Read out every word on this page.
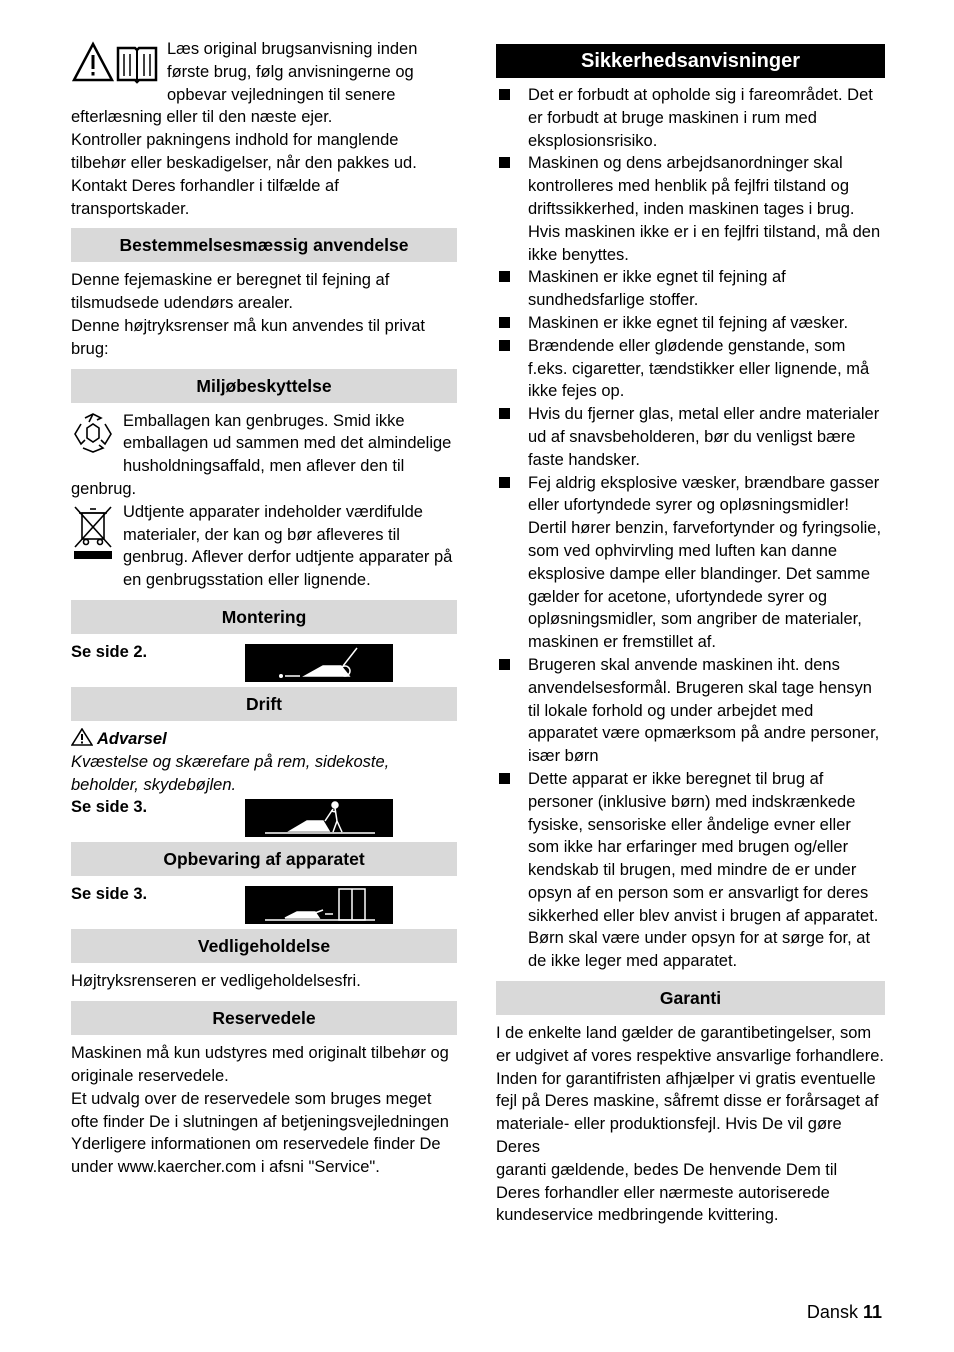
Læs original brugsanvisning inden første brug, følg anvisningerne og opbevar vejledningen til senere efterlæsning eller til den næste ejer.

Kontroller pakningens indhold for manglende tilbehør eller beskadigelser, når den pakkes ud. Kontakt Deres forhandler i tilfælde af transportskader.

Bestemmelsesmæssig anvendelse

Denne fejemaskine er beregnet til fejning af tilsmudsede udendørs arealer.

Denne højtryksrenser må kun anvendes til privat brug:

Miljøbeskyttelse

Emballagen kan genbruges. Smid ikke emballagen ud sammen med det almindelige husholdningsaffald, men aflever den til genbrug.

Udtjente apparater indeholder værdifulde materialer, der kan og bør afleveres til genbrug. Aflever derfor udtjente apparater på en genbrugsstation eller lignende.

Montering
Se side 2.
Drift
Advarsel

Kvæstelse og skærefare på rem, sidekoste, beholder, skydebøjlen.

Se side 3.
Opbevaring af apparatet
Se side 3.
Vedligeholdelse

Højtryksrenseren er vedligeholdelsesfri.

Reservedele

Maskinen må kun udstyres med originalt tilbehør og originale reservedele.

Et udvalg over de reservedele som bruges meget ofte finder De i slutningen af betjeningsvejledningen

Yderligere informationen om reservedele finder De under www.kaercher.com i afsni "Service".

Sikkerhedsanvisninger
Det er forbudt at opholde sig i fareområdet. Det er forbudt at bruge maskinen i rum med eksplosionsrisiko.
Maskinen og dens arbejdsanordninger skal kontrolleres med henblik på fejlfri tilstand og driftssikkerhed, inden maskinen tages i brug. Hvis maskinen ikke er i en fejlfri tilstand, må den ikke benyttes.
Maskinen er ikke egnet til fejning af sundhedsfarlige stoffer.
Maskinen er ikke egnet til fejning af væsker.
Brændende eller glødende genstande, som f.eks. cigaretter, tændstikker eller lignende, må ikke fejes op.
Hvis du fjerner glas, metal eller andre materialer ud af snavsbeholderen, bør du venligst bære faste handsker.
Fej aldrig eksplosive væsker, brændbare gasser eller ufortyndede syrer og opløsningsmidler! Dertil hører benzin, farvefortynder og fyringsolie, som ved ophvirvling med luften kan danne eksplosive dampe eller blandinger. Det samme gælder for acetone, ufortyndede syrer og opløsningsmidler, som angriber de materialer, maskinen er fremstillet af.
Brugeren skal anvende maskinen iht. dens anvendelsesformål. Brugeren skal tage hensyn til lokale forhold og under arbejdet med apparatet være opmærksom på andre personer, især børn
Dette apparat er ikke beregnet til brug af personer (inklusive børn) med indskrænkede fysiske, sensoriske eller åndelige evner eller som ikke har erfaringer med brugen og/eller kendskab til brugen, med mindre de er under opsyn af en person som er ansvarligt for deres sikkerhed eller blev anvist i brugen af apparatet. Børn skal være under opsyn for at sørge for, at de ikke leger med apparatet.
Garanti

I de enkelte land gælder de garantibetingelser, som er udgivet af vores respektive ansvarlige forhandlere. Inden for garantifristen afhjælper vi gratis eventuelle fejl på Deres maskine, såfremt disse er forårsaget af materiale- eller produktionsfejl. Hvis De vil gøre Deres

garanti gældende, bedes De henvende Dem til Deres forhandler eller nærmeste autoriserede kundeservice medbringende kvittering.

Dansk 11
